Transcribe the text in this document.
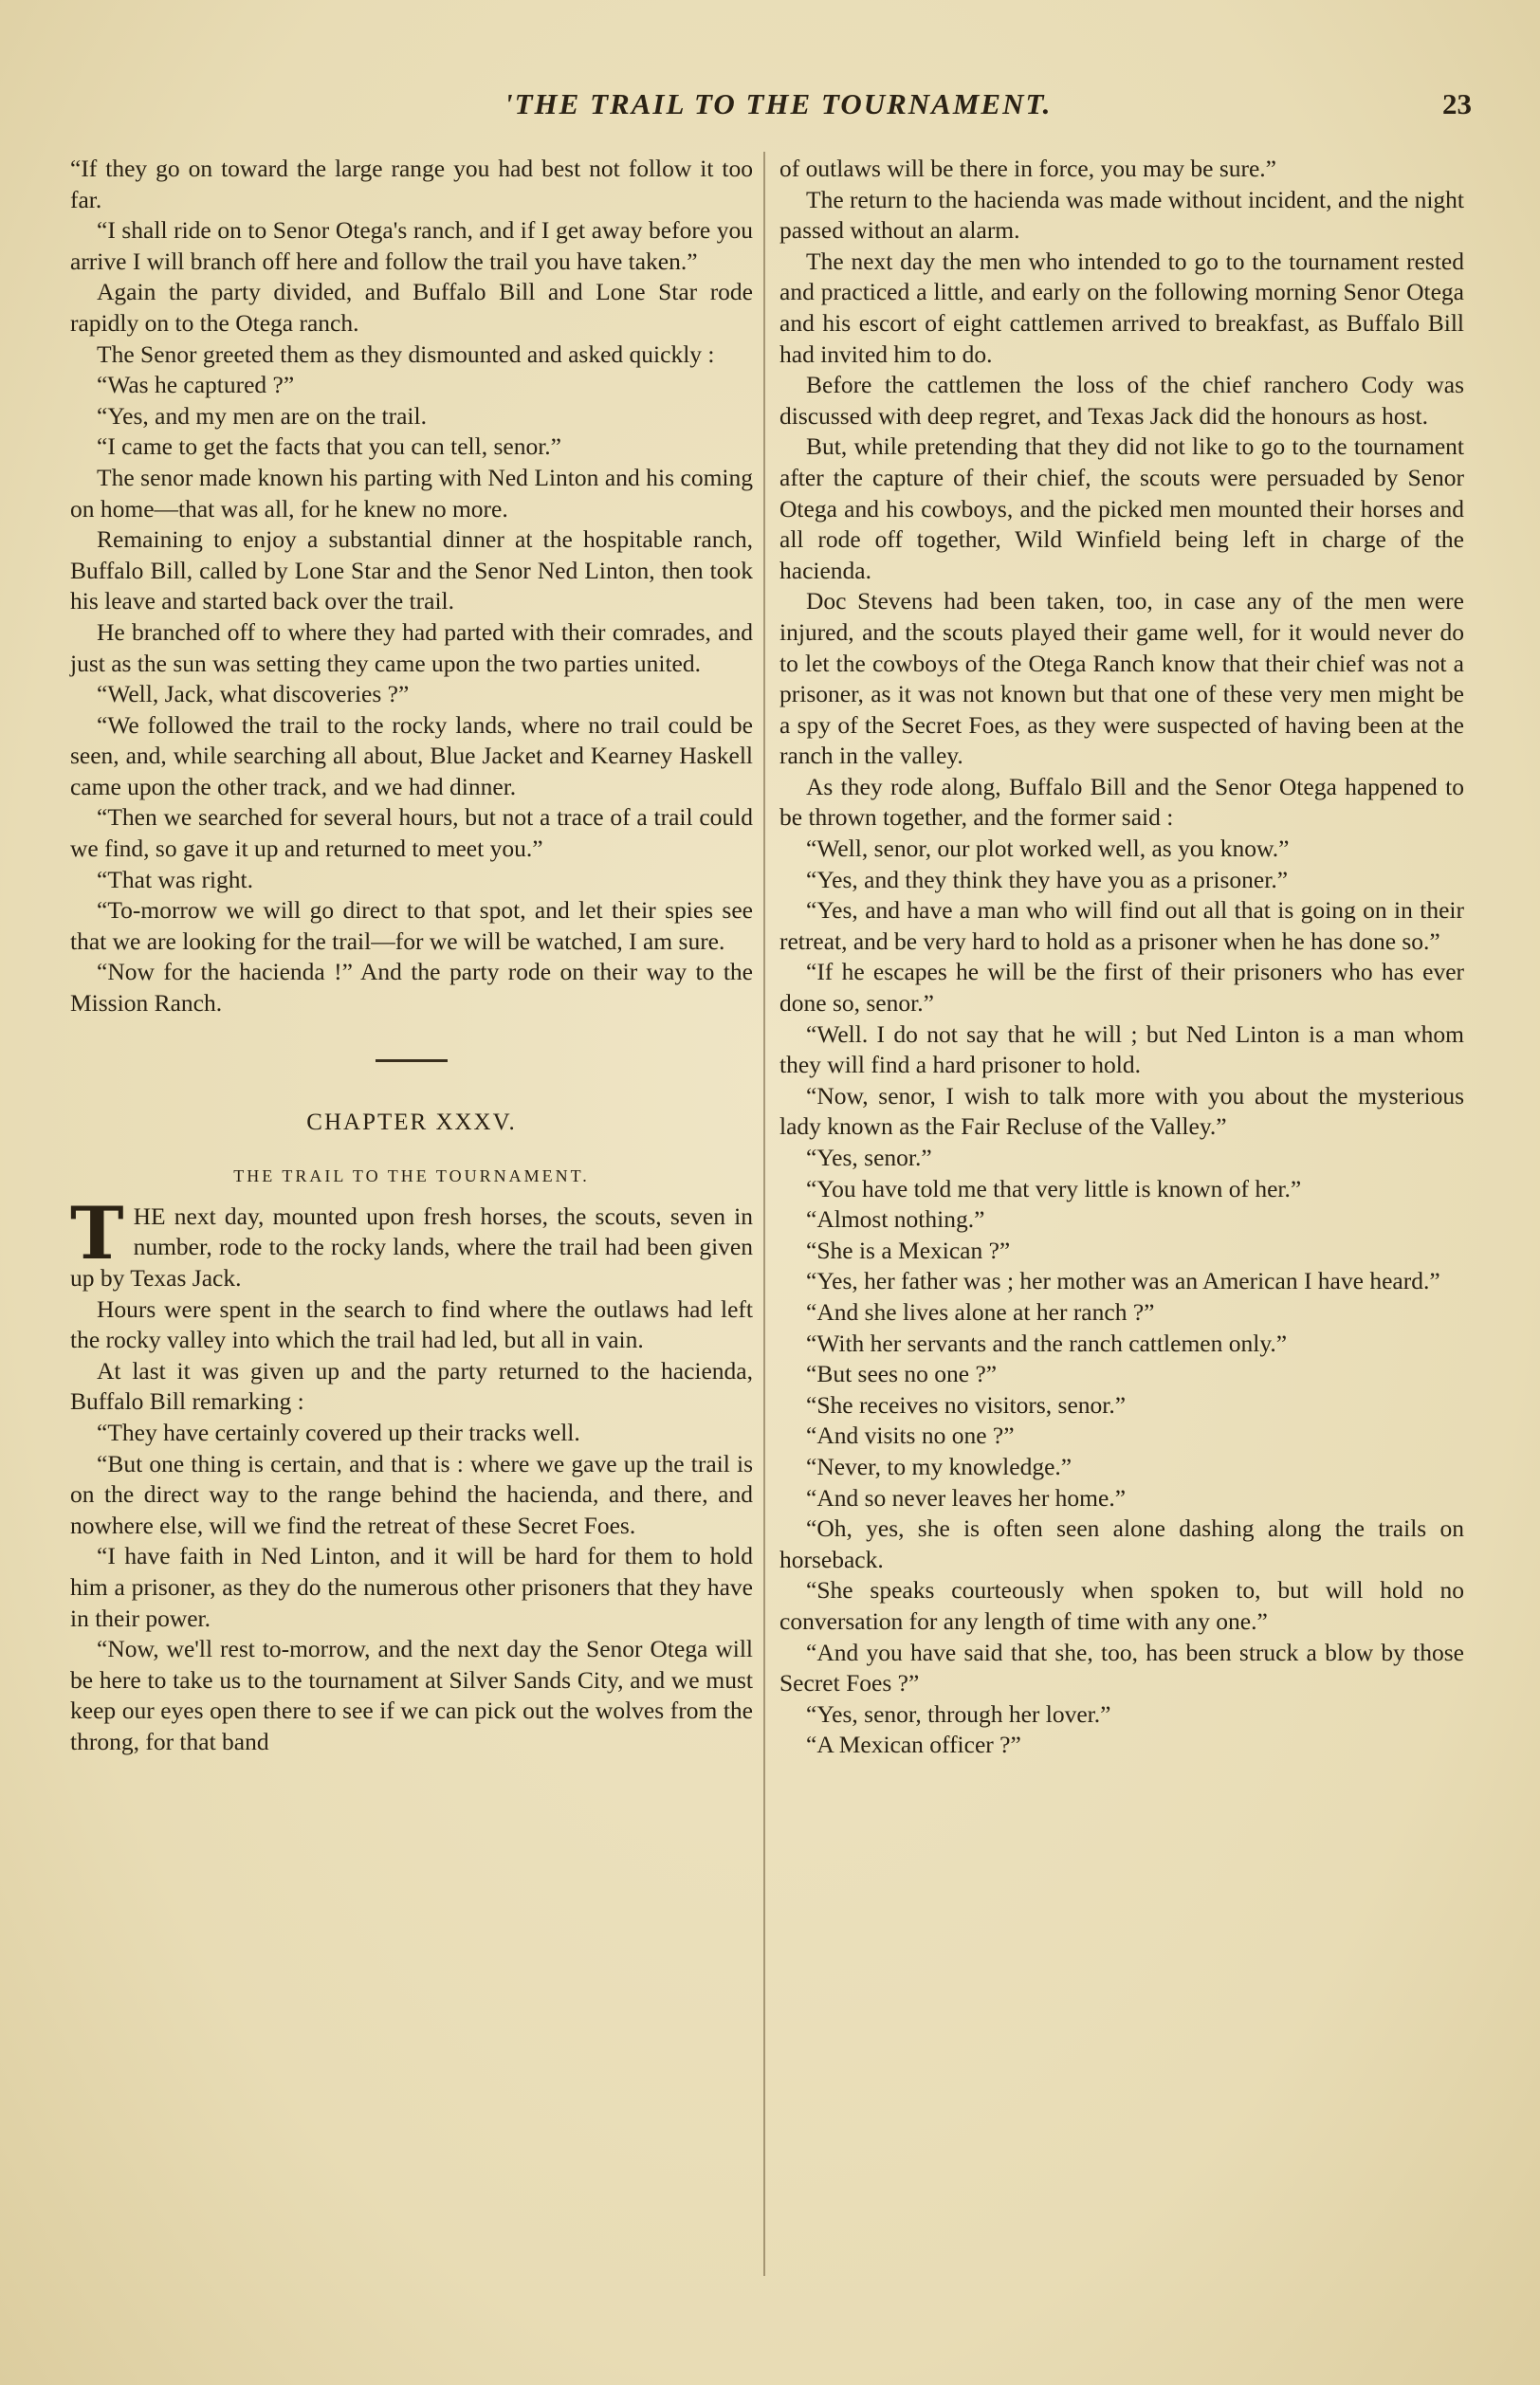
'THE TRAIL TO THE TOURNAMENT.	23

“If they go on toward the large range you had best not follow it too far.

“I shall ride on to Senor Otega's ranch, and if I get away before you arrive I will branch off here and follow the trail you have taken.”

Again the party divided, and Buffalo Bill and Lone Star rode rapidly on to the Otega ranch.

The Senor greeted them as they dismounted and asked quickly :

“Was he captured ?”

“Yes, and my men are on the trail.

“I came to get the facts that you can tell, senor.”

The senor made known his parting with Ned Linton and his coming on home—that was all, for he knew no more.

Remaining to enjoy a substantial dinner at the hospitable ranch, Buffalo Bill, called by Lone Star and the Senor Ned Linton, then took his leave and started back over the trail.

He branched off to where they had parted with their comrades, and just as the sun was setting they came upon the two parties united.

“Well, Jack, what discoveries ?”

“We followed the trail to the rocky lands, where no trail could be seen, and, while searching all about, Blue Jacket and Kearney Haskell came upon the other track, and we had dinner.

“Then we searched for several hours, but not a trace of a trail could we find, so gave it up and returned to meet you.”

“That was right.

“To-morrow we will go direct to that spot, and let their spies see that we are looking for the trail—for we will be watched, I am sure.

“Now for the hacienda !” And the party rode on their way to the Mission Ranch.

CHAPTER XXXV.
THE TRAIL TO THE TOURNAMENT.

THE next day, mounted upon fresh horses, the scouts, seven in number, rode to the rocky lands, where the trail had been given up by Texas Jack.

Hours were spent in the search to find where the outlaws had left the rocky valley into which the trail had led, but all in vain.

At last it was given up and the party returned to the hacienda, Buffalo Bill remarking :

“They have certainly covered up their tracks well.

“But one thing is certain, and that is : where we gave up the trail is on the direct way to the range behind the hacienda, and there, and nowhere else, will we find the retreat of these Secret Foes.

“I have faith in Ned Linton, and it will be hard for them to hold him a prisoner, as they do the numerous other prisoners that they have in their power.

“Now, we'll rest to-morrow, and the next day the Senor Otega will be here to take us to the tournament at Silver Sands City, and we must keep our eyes open there to see if we can pick out the wolves from the throng, for that band

of outlaws will be there in force, you may be sure.”

The return to the hacienda was made without incident, and the night passed without an alarm.

The next day the men who intended to go to the tournament rested and practiced a little, and early on the following morning Senor Otega and his escort of eight cattlemen arrived to breakfast, as Buffalo Bill had invited him to do.

Before the cattlemen the loss of the chief ranchero Cody was discussed with deep regret, and Texas Jack did the honours as host.

But, while pretending that they did not like to go to the tournament after the capture of their chief, the scouts were persuaded by Senor Otega and his cowboys, and the picked men mounted their horses and all rode off together, Wild Winfield being left in charge of the hacienda.

Doc Stevens had been taken, too, in case any of the men were injured, and the scouts played their game well, for it would never do to let the cowboys of the Otega Ranch know that their chief was not a prisoner, as it was not known but that one of these very men might be a spy of the Secret Foes, as they were suspected of having been at the ranch in the valley.

As they rode along, Buffalo Bill and the Senor Otega happened to be thrown together, and the former said :

“Well, senor, our plot worked well, as you know.”

“Yes, and they think they have you as a prisoner.”

“Yes, and have a man who will find out all that is going on in their retreat, and be very hard to hold as a prisoner when he has done so.”

“If he escapes he will be the first of their prisoners who has ever done so, senor.”

“Well. I do not say that he will ; but Ned Linton is a man whom they will find a hard prisoner to hold.

“Now, senor, I wish to talk more with you about the mysterious lady known as the Fair Recluse of the Valley.”

“Yes, senor.”

“You have told me that very little is known of her.”

“Almost nothing.”

“She is a Mexican ?”

“Yes, her father was ; her mother was an American I have heard.”

“And she lives alone at her ranch ?”

“With her servants and the ranch cattlemen only.”

“But sees no one ?”

“She receives no visitors, senor.”

“And visits no one ?”

“Never, to my knowledge.”

“And so never leaves her home.”

“Oh, yes, she is often seen alone dashing along the trails on horseback.

“She speaks courteously when spoken to, but will hold no conversation for any length of time with any one.”

“And you have said that she, too, has been struck a blow by those Secret Foes ?”

“Yes, senor, through her lover.”

“A Mexican officer ?”
